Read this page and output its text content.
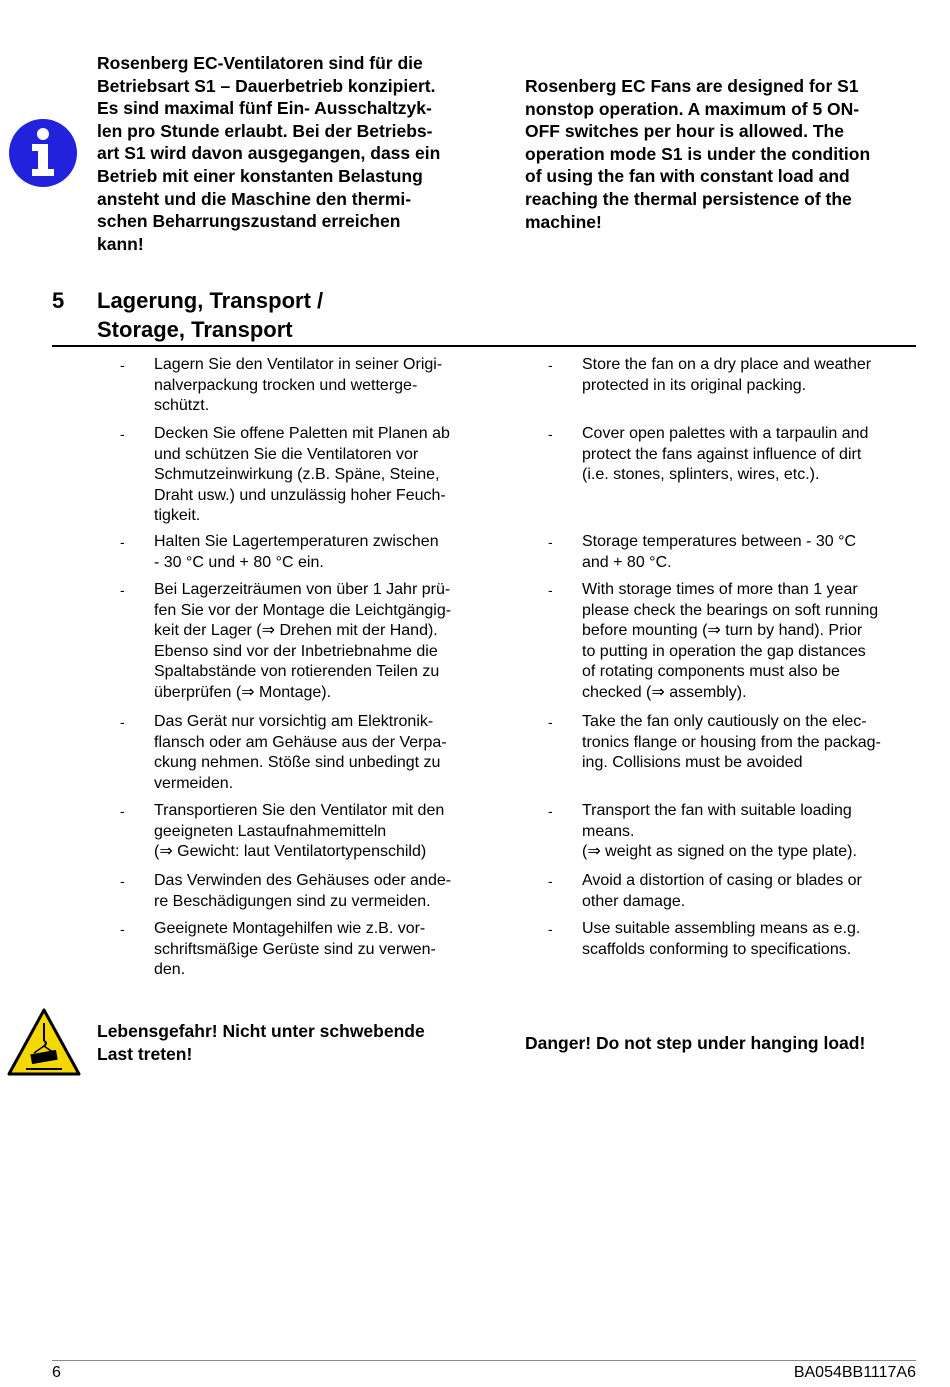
Rosenberg EC-Ventilatoren sind für die
Betriebsart S1 – Dauerbetrieb konzipiert.
Es sind maximal fünf Ein- Ausschaltzyk-
len pro Stunde erlaubt. Bei der Betriebs-
art S1 wird davon ausgegangen, dass ein
Betrieb mit einer konstanten Belastung
ansteht und die Maschine den thermi-
schen Beharrungszustand erreichen
kann!
Rosenberg EC Fans are designed for S1
nonstop operation. A maximum of 5 ON-
OFF switches per hour is allowed. The
operation mode S1 is under the condition
of using the fan with constant load and
reaching the thermal persistence of the
machine!
5 Lagerung, Transport /
Storage, Transport
- Lagern Sie den Ventilator in seiner Origi-
nalverpackung trocken und wetterge-
schützt.
- Store the fan on a dry place and weather
protected in its original packing.
- Decken Sie offene Paletten mit Planen ab
und schützen Sie die Ventilatoren vor
Schmutzeinwirkung (z.B. Späne, Steine,
Draht usw.) und unzulässig hoher Feuch-
tigkeit.
- Cover open palettes with a tarpaulin and
protect the fans against influence of dirt
(i.e. stones, splinters, wires, etc.).
- Halten Sie Lagertemperaturen zwischen
- 30 °C und + 80 °C ein.
- Storage temperatures between - 30 °C
and + 80 °C.
- Bei Lagerzeiträumen von über 1 Jahr prü-
fen Sie vor der Montage die Leichtgängig-
keit der Lager (⇒ Drehen mit der Hand).
Ebenso sind vor der Inbetriebnahme die
Spaltabstände von rotierenden Teilen zu
überprüfen (⇒ Montage).
- With storage times of more than 1 year
please check the bearings on soft running
before mounting (⇒ turn by hand). Prior
to putting in operation the gap distances
of rotating components must also be
checked (⇒ assembly).
- Das Gerät nur vorsichtig am Elektronik-
flansch oder am Gehäuse aus der Verpa-
ckung nehmen. Stöße sind unbedingt zu
vermeiden.
- Take the fan only cautiously on the elec-
tronics flange or housing from the packag-
ing. Collisions must be avoided
- Transportieren Sie den Ventilator mit den
geeigneten Lastaufnahmemitteln
(⇒ Gewicht: laut Ventilatortypenschild)
- Transport the fan with suitable loading
means.
(⇒ weight as signed on the type plate).
- Das Verwinden des Gehäuses oder ande-
re Beschädigungen sind zu vermeiden.
- Avoid a distortion of casing or blades or
other damage.
- Geeignete Montagehilfen wie z.B. vor-
schriftsmäßige Gerüste sind zu verwen-
den.
- Use suitable assembling means as e.g.
scaffolds conforming to specifications.
Lebensgefahr! Nicht unter schwebende
Last treten!
Danger! Do not step under hanging load!
6	BA054BB1117A6
